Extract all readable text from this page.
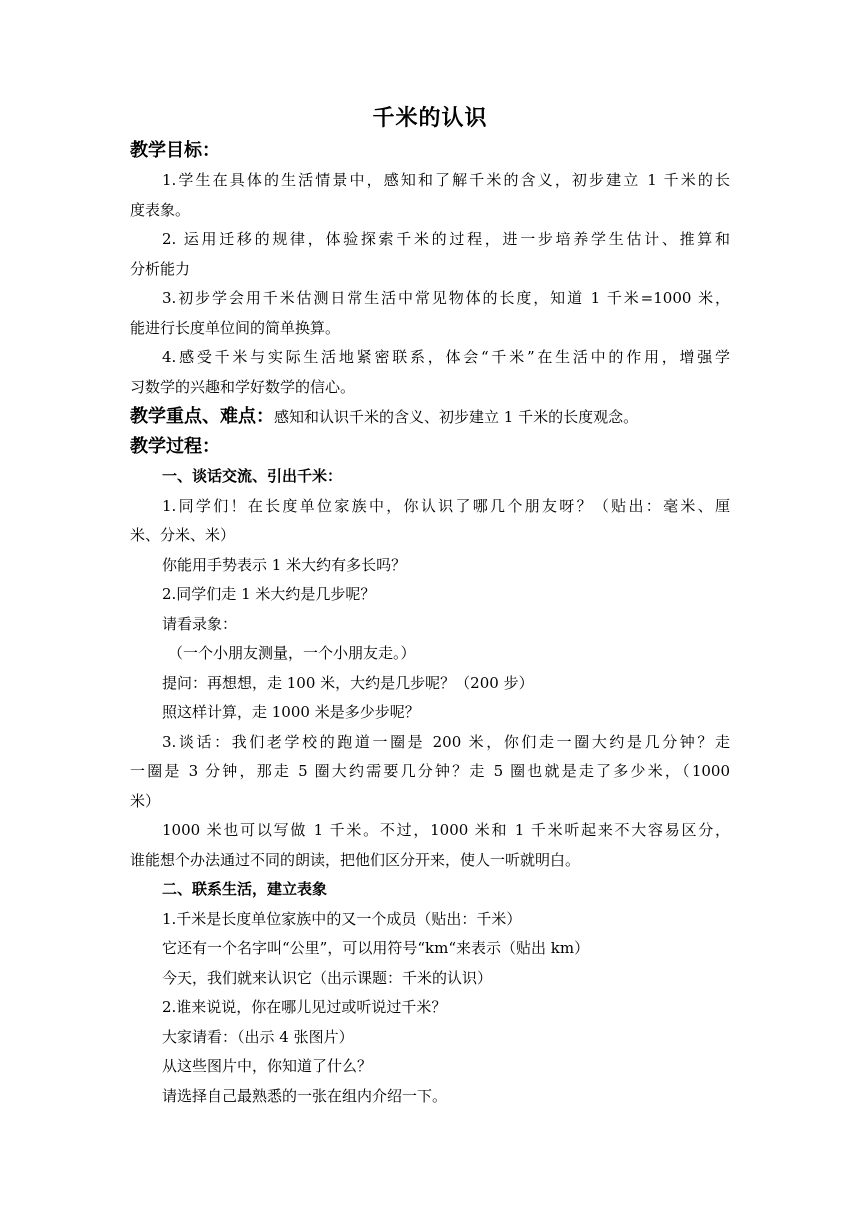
千米的认识
教学目标：
1.学生在具体的生活情景中，感知和了解千米的含义，初步建立 1 千米的长
度表象。
2. 运用迁移的规律，体验探索千米的过程，进一步培养学生估计、推算和
分析能力
3.初步学会用千米估测日常生活中常见物体的长度，知道 1 千米=1000 米，
能进行长度单位间的简单换算。
4.感受千米与实际生活地紧密联系，体会“千米”在生活中的作用，增强学
习数学的兴趣和学好数学的信心。
教学重点、难点：感知和认识千米的含义、初步建立 1 千米的长度观念。
教学过程：
一、谈话交流、引出千米：
1.同学们！在长度单位家族中，你认识了哪几个朋友呀？（贴出：毫米、厘
米、分米、米）
你能用手势表示 1 米大约有多长吗？
2.同学们走 1 米大约是几步呢？
请看录象：
（一个小朋友测量，一个小朋友走。）
提问：再想想，走 100 米，大约是几步呢？（200 步）
照这样计算，走 1000 米是多少步呢？
3.谈话：我们老学校的跑道一圈是 200 米，你们走一圈大约是几分钟？走
一圈是 3 分钟，那走 5 圈大约需要几分钟？走 5 圈也就是走了多少米，（1000
米）
1000 米也可以写做 1 千米。不过，1000 米和 1 千米听起来不大容易区分，
谁能想个办法通过不同的朗读，把他们区分开来，使人一听就明白。
二、联系生活，建立表象
1.千米是长度单位家族中的又一个成员（贴出：千米）
它还有一个名字叫“公里”，可以用符号“km“来表示（贴出 km）
今天，我们就来认识它（出示课题：千米的认识）
2.谁来说说，你在哪儿见过或听说过千米？
大家请看：（出示 4 张图片）
从这些图片中，你知道了什么？
请选择自己最熟悉的一张在组内介绍一下。
